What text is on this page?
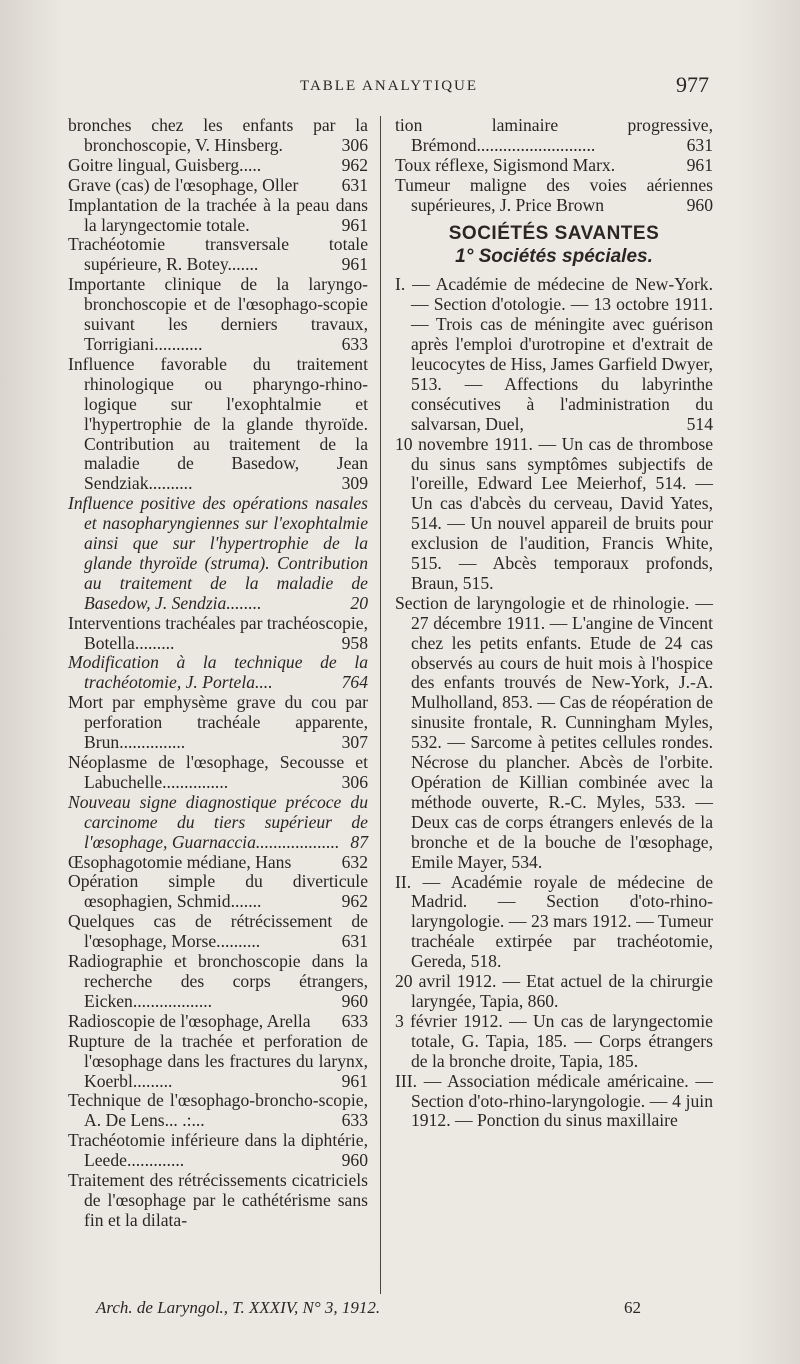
TABLE ANALYTIQUE	977

bronches chez les enfants par la bronchoscopie, V. Hinsberg.	306

Goitre lingual, Guisberg.....	962

Grave (cas) de l'œsophage, Oller 631

Implantation de la trachée à la peau dans la laryngectomie totale.	961

Trachéotomie transversale totale supérieure, R. Botey.......	961

Importante clinique de la laryngo-bronchoscopie et de l'œsophago-scopie suivant les derniers travaux, Torrigiani...........	633

Influence favorable du traitement rhinologique ou pharyngo-rhino-logique sur l'exophtalmie et l'hypertrophie de la glande thyroïde. Contribution au traitement de la maladie de Basedow, Jean Sendziak..........	309

Influence positive des opérations nasales et nasopharyngiennes sur l'exophtalmie ainsi que sur l'hypertrophie de la glande thyroïde (struma). Contribution au traitement de la maladie de Basedow, J. Sendzia........	20

Interventions trachéales par trachéoscopie, Botella.........	958

Modification à la technique de la trachéotomie, J. Portela....	764

Mort par emphysème grave du cou par perforation trachéale apparente, Brun...............	307

Néoplasme de l'œsophage, Secousse et Labuchelle...............	306

Nouveau signe diagnostique précoce du carcinome du tiers supérieur de l'œsophage, Guarnaccia................... 87

Œsophagotomie médiane, Hans	632

Opération simple du diverticule œsophagien, Schmid.......	962

Quelques cas de rétrécissement de l'œsophage, Morse..........	631

Radiographie et bronchoscopie dans la recherche des corps étrangers, Eicken..................	960

Radioscopie de l'œsophage, Arella 633

Rupture de la trachée et perforation de l'œsophage dans les fractures du larynx, Koerbl.........	961

Technique de l'œsophago-broncho-scopie, A. De Lens... .:...	633

Trachéotomie inférieure dans la diphtérie, Leede.............	960

Traitement des rétrécissements cicatriciels de l'œsophage par le cathétérisme sans fin et la dilata-

tion laminaire progressive, Brémond...........................	631

Toux réflexe, Sigismond Marx.	961

Tumeur maligne des voies aériennes supérieures, J. Price Brown	960

SOCIÉTÉS SAVANTES
1° Sociétés spéciales.

I. — Académie de médecine de New-York. — Section d'otologie. — 13 octobre 1911. — Trois cas de méningite avec guérison après l'emploi d'urotropine et d'extrait de leucocytes de Hiss, James Garfield Dwyer, 513. — Affections du labyrinthe consécutives à l'administration du salvarsan, Duel,	514

10 novembre 1911. — Un cas de thrombose du sinus sans symptômes subjectifs de l'oreille, Edward Lee Meierhof, 514. — Un cas d'abcès du cerveau, David Yates, 514. — Un nouvel appareil de bruits pour exclusion de l'audition, Francis White, 515. — Abcès temporaux profonds, Braun, 515.

Section de laryngologie et de rhinologie. — 27 décembre 1911. — L'angine de Vincent chez les petits enfants. Etude de 24 cas observés au cours de huit mois à l'hospice des enfants trouvés de New-York, J.-A. Mulholland, 853. — Cas de réopération de sinusite frontale, R. Cunningham Myles, 532. — Sarcome à petites cellules rondes. Nécrose du plancher. Abcès de l'orbite. Opération de Killian combinée avec la méthode ouverte, R.-C. Myles, 533. — Deux cas de corps étrangers enlevés de la bronche et de la bouche de l'œsophage, Emile Mayer, 534.

II. — Académie royale de médecine de Madrid. — Section d'oto-rhino-laryngologie. — 23 mars 1912. — Tumeur trachéale extirpée par trachéotomie, Gereda, 518.

20 avril 1912. — Etat actuel de la chirurgie laryngée, Tapia, 860.

3 février 1912. — Un cas de laryngectomie totale, G. Tapia, 185. — Corps étrangers de la bronche droite, Tapia, 185.

III. — Association médicale américaine. — Section d'oto-rhino-laryngologie. — 4 juin 1912. — Ponction du sinus maxillaire

Arch. de Laryngol., T. XXXIV, N° 3, 1912.	62
